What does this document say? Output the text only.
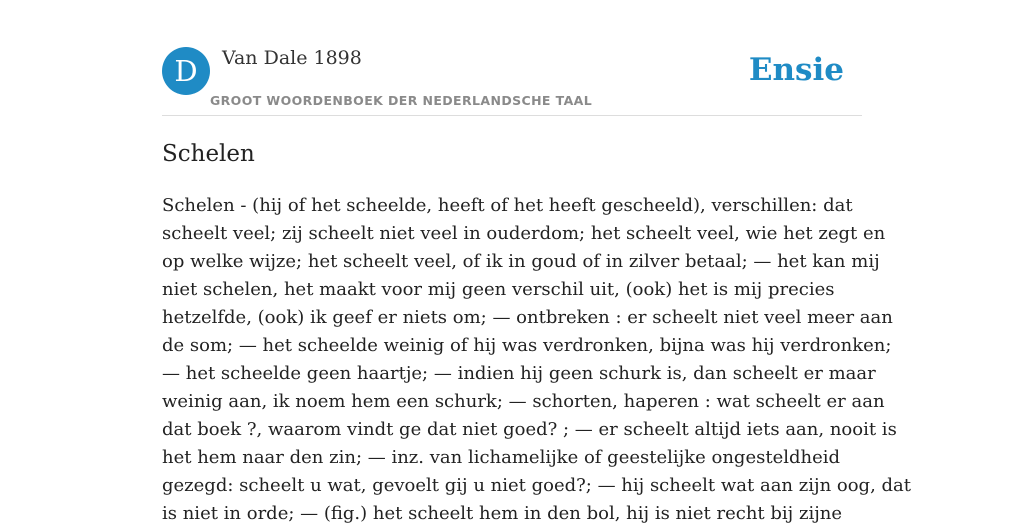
D	Van Dale 1898
GROOT WOORDENBOEK DER NEDERLANDSCHE TAAL
Ensie
Schelen

Schelen - (hij of het scheelde, heeft of het heeft gescheeld), verschillen: dat
scheelt veel; zij scheelt niet veel in ouderdom; het scheelt veel, wie het zegt en
op welke wijze; het scheelt veel, of ik in goud of in zilver betaal; — het kan mij
niet schelen, het maakt voor mij geen verschil uit, (ook) het is mij precies
hetzelfde, (ook) ik geef er niets om; — ontbreken : er scheelt niet veel meer aan
de som; — het scheelde weinig of hij was verdronken, bijna was hij verdronken;
— het scheelde geen haartje; — indien hij geen schurk is, dan scheelt er maar
weinig aan, ik noem hem een schurk; — schorten, haperen : wat scheelt er aan
dat boek ?, waarom vindt ge dat niet goed? ; — er scheelt altijd iets aan, nooit is
het hem naar den zin; — inz. van lichamelijke of geestelijke ongesteldheid
gezegd: scheelt u wat, gevoelt gij u niet goed?; — hij scheelt wat aan zijn oog, dat
is niet in orde; — (fig.) het scheelt hem in den bol, hij is niet recht bij zijne
